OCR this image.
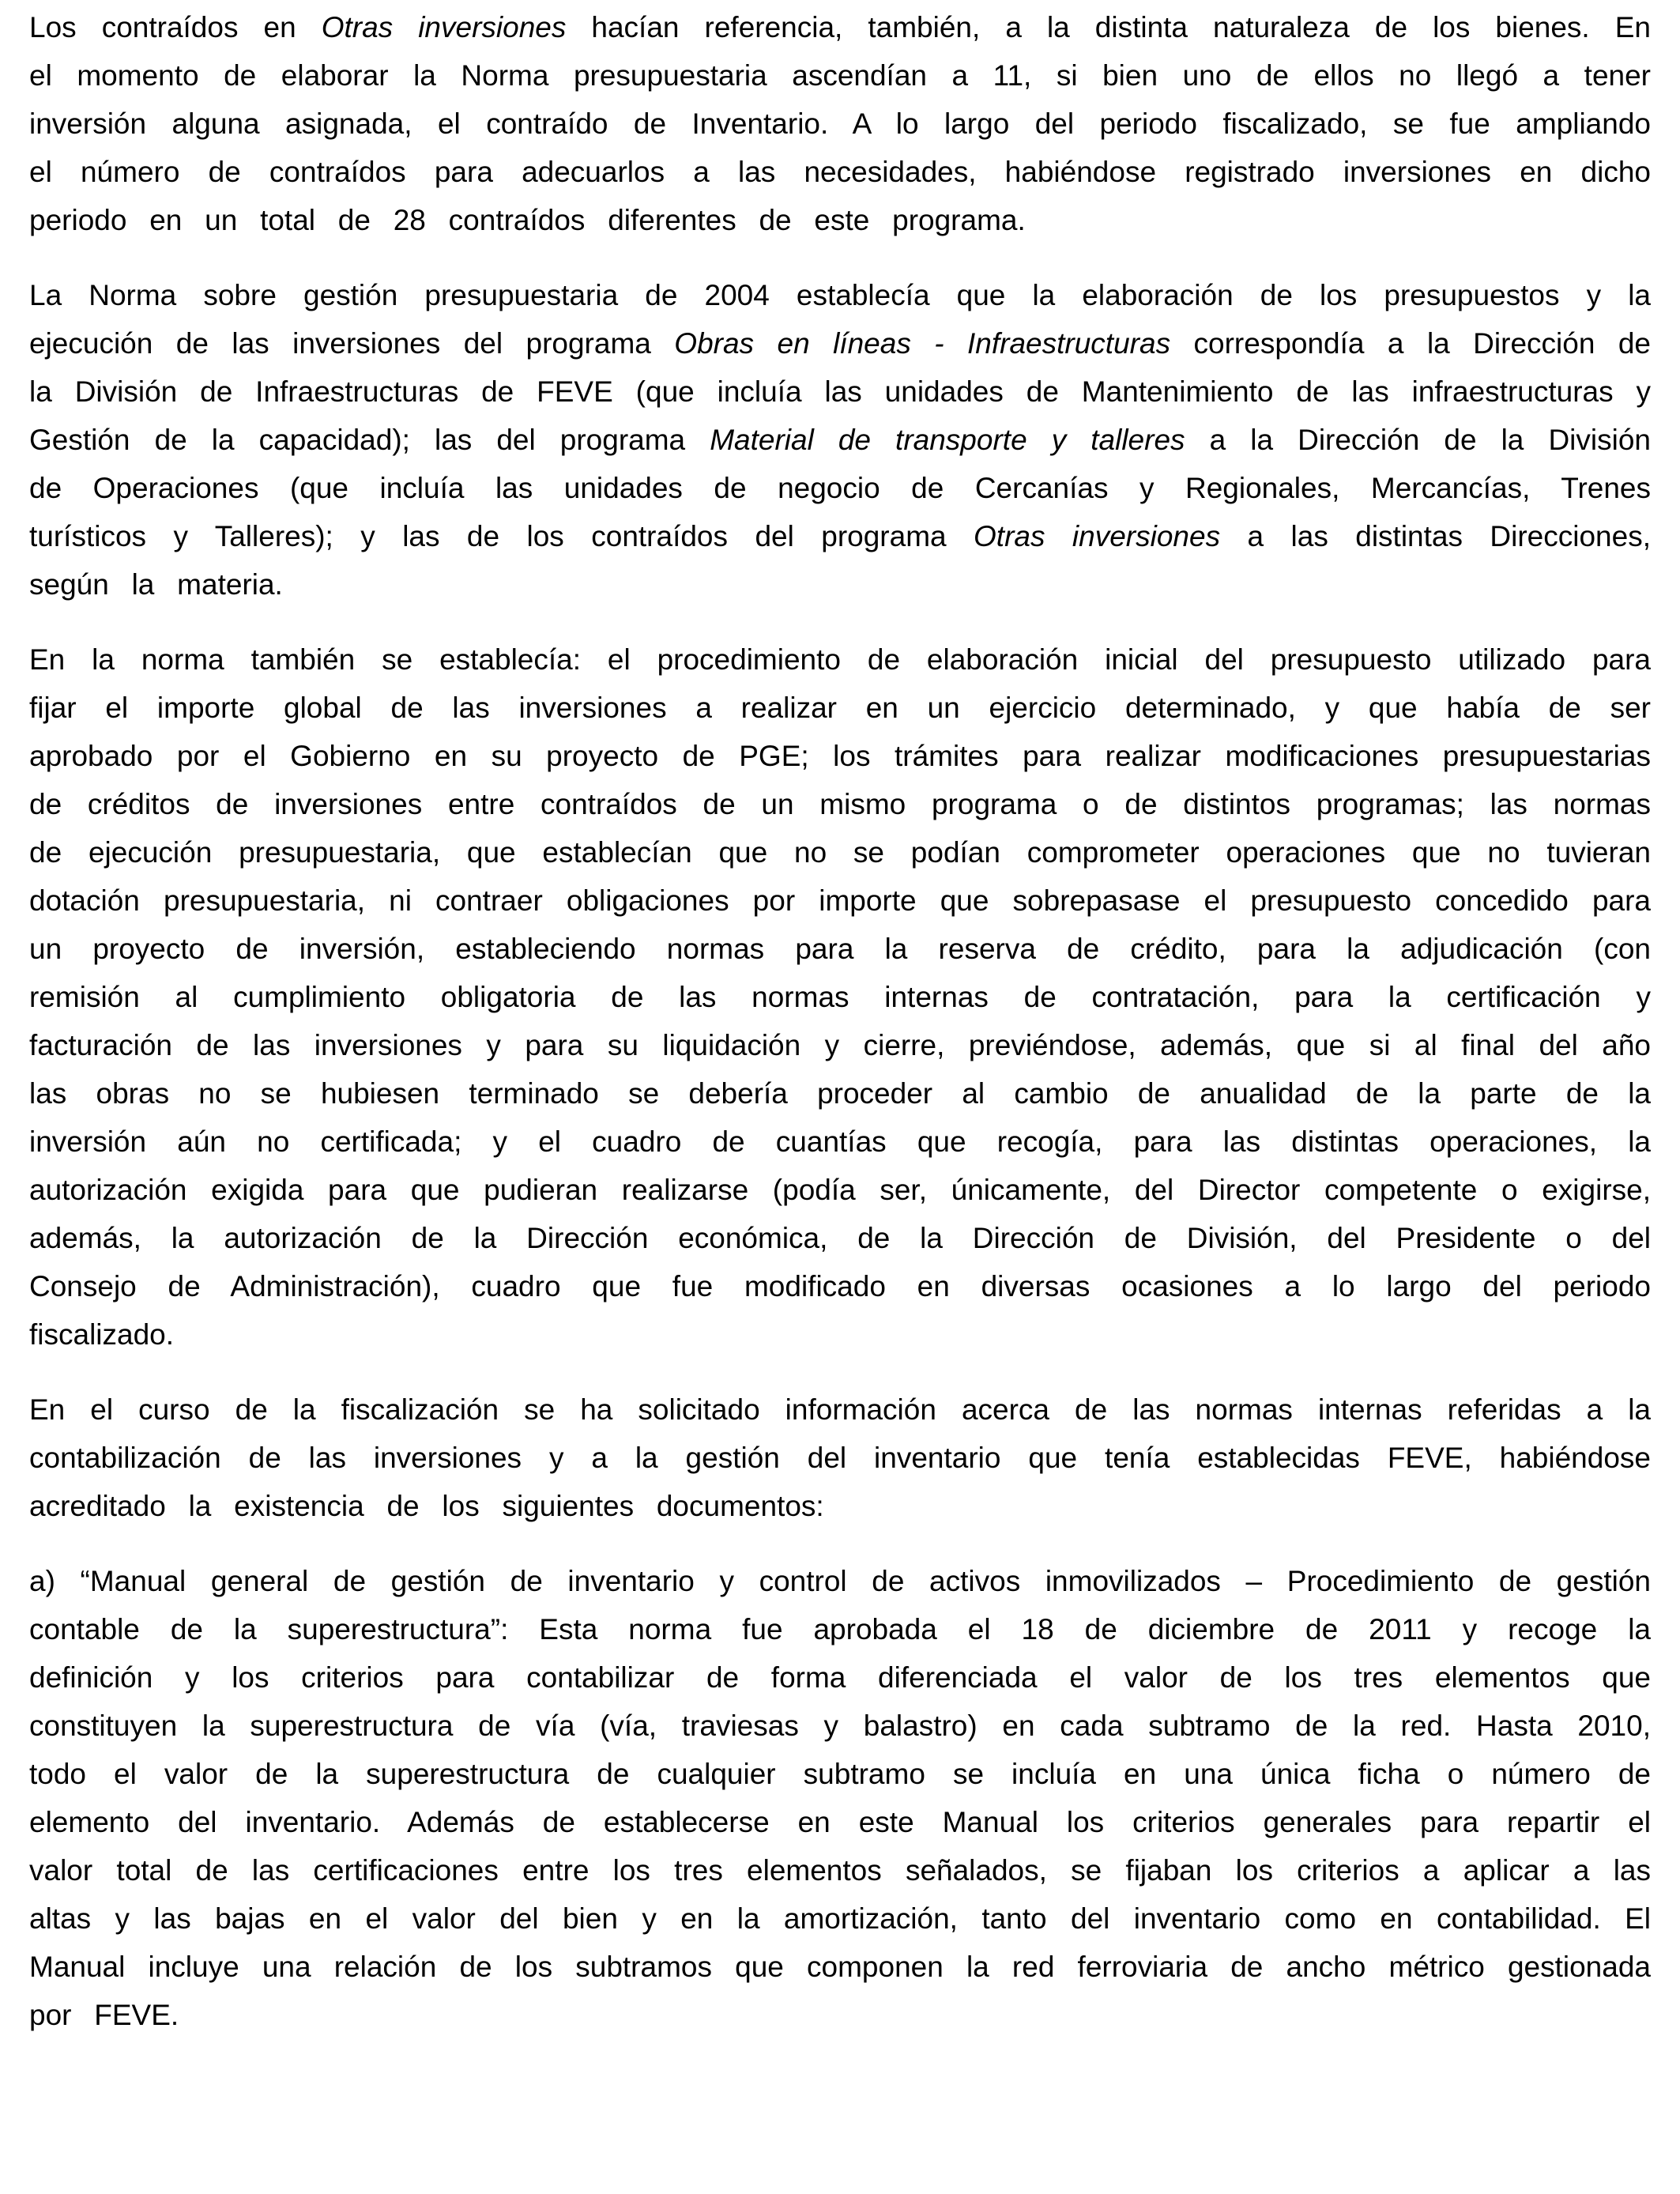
Los contraídos en Otras inversiones hacían referencia, también, a la distinta naturaleza de los bienes. En el momento de elaborar la Norma presupuestaria ascendían a 11, si bien uno de ellos no llegó a tener inversión alguna asignada, el contraído de Inventario. A lo largo del periodo fiscalizado, se fue ampliando el número de contraídos para adecuarlos a las necesidades, habiéndose registrado inversiones en dicho periodo en un total de 28 contraídos diferentes de este programa.

La Norma sobre gestión presupuestaria de 2004 establecía que la elaboración de los presupuestos y la ejecución de las inversiones del programa Obras en líneas - Infraestructuras correspondía a la Dirección de la División de Infraestructuras de FEVE (que incluía las unidades de Mantenimiento de las infraestructuras y Gestión de la capacidad); las del programa Material de transporte y talleres a la Dirección de la División de Operaciones (que incluía las unidades de negocio de Cercanías y Regionales, Mercancías, Trenes turísticos y Talleres); y las de los contraídos del programa Otras inversiones a las distintas Direcciones, según la materia.

En la norma también se establecía: el procedimiento de elaboración inicial del presupuesto utilizado para fijar el importe global de las inversiones a realizar en un ejercicio determinado, y que había de ser aprobado por el Gobierno en su proyecto de PGE; los trámites para realizar modificaciones presupuestarias de créditos de inversiones entre contraídos de un mismo programa o de distintos programas; las normas de ejecución presupuestaria, que establecían que no se podían comprometer operaciones que no tuvieran dotación presupuestaria, ni contraer obligaciones por importe que sobrepasase el presupuesto concedido para un proyecto de inversión, estableciendo normas para la reserva de crédito, para la adjudicación (con remisión al cumplimiento obligatoria de las normas internas de contratación, para la certificación y facturación de las inversiones y para su liquidación y cierre, previéndose, además, que si al final del año las obras no se hubiesen terminado se debería proceder al cambio de anualidad de la parte de la inversión aún no certificada; y el cuadro de cuantías que recogía, para las distintas operaciones, la autorización exigida para que pudieran realizarse (podía ser, únicamente, del Director competente o exigirse, además, la autorización de la Dirección económica, de la Dirección de División, del Presidente o del Consejo de Administración), cuadro que fue modificado en diversas ocasiones a lo largo del periodo fiscalizado.

En el curso de la fiscalización se ha solicitado información acerca de las normas internas referidas a la contabilización de las inversiones y a la gestión del inventario que tenía establecidas FEVE, habiéndose acreditado la existencia de los siguientes documentos:

a) “Manual general de gestión de inventario y control de activos inmovilizados – Procedimiento de gestión contable de la superestructura”: Esta norma fue aprobada el 18 de diciembre de 2011 y recoge la definición y los criterios para contabilizar de forma diferenciada el valor de los tres elementos que constituyen la superestructura de vía (vía, traviesas y balastro) en cada subtramo de la red. Hasta 2010, todo el valor de la superestructura de cualquier subtramo se incluía en una única ficha o número de elemento del inventario. Además de establecerse en este Manual los criterios generales para repartir el valor total de las certificaciones entre los tres elementos señalados, se fijaban los criterios a aplicar a las altas y las bajas en el valor del bien y en la amortización, tanto del inventario como en contabilidad. El Manual incluye una relación de los subtramos que componen la red ferroviaria de ancho métrico gestionada por FEVE.
